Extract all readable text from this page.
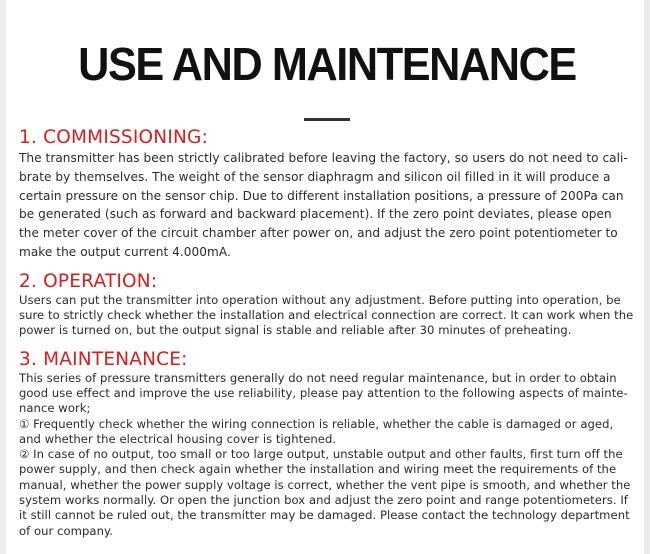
USE AND MAINTENANCE
1. COMMISSIONING:

The transmitter has been strictly calibrated before leaving the factory, so users do not need to cali-brate by themselves. The weight of the sensor diaphragm and silicon oil filled in it will produce a certain pressure on the sensor chip. Due to different installation positions, a pressure of 200Pa can be generated (such as forward and backward placement). If the zero point deviates, please open the meter cover of the circuit chamber after power on, and adjust the zero point potentiometer to make the output current 4.000mA.

2. OPERATION:

Users can put the transmitter into operation without any adjustment. Before putting into operation, be sure to strictly check whether the installation and electrical connection are correct. It can work when the power is turned on, but the output signal is stable and reliable after 30 minutes of preheating.

3. MAINTENANCE:
This series of pressure transmitters generally do not need regular maintenance, but in order to obtain good use effect and improve the use reliability, please pay attention to the following aspects of mainte-nance work;
① Frequently check whether the wiring connection is reliable, whether the cable is damaged or aged, and whether the electrical housing cover is tightened.
② In case of no output, too small or too large output, unstable output and other faults, first turn off the power supply, and then check again whether the installation and wiring meet the requirements of the manual, whether the power supply voltage is correct, whether the vent pipe is smooth, and whether the system works normally. Or open the junction box and adjust the zero point and range potentiometers. If it still cannot be ruled out, the transmitter may be damaged. Please contact the technology department of our company.
